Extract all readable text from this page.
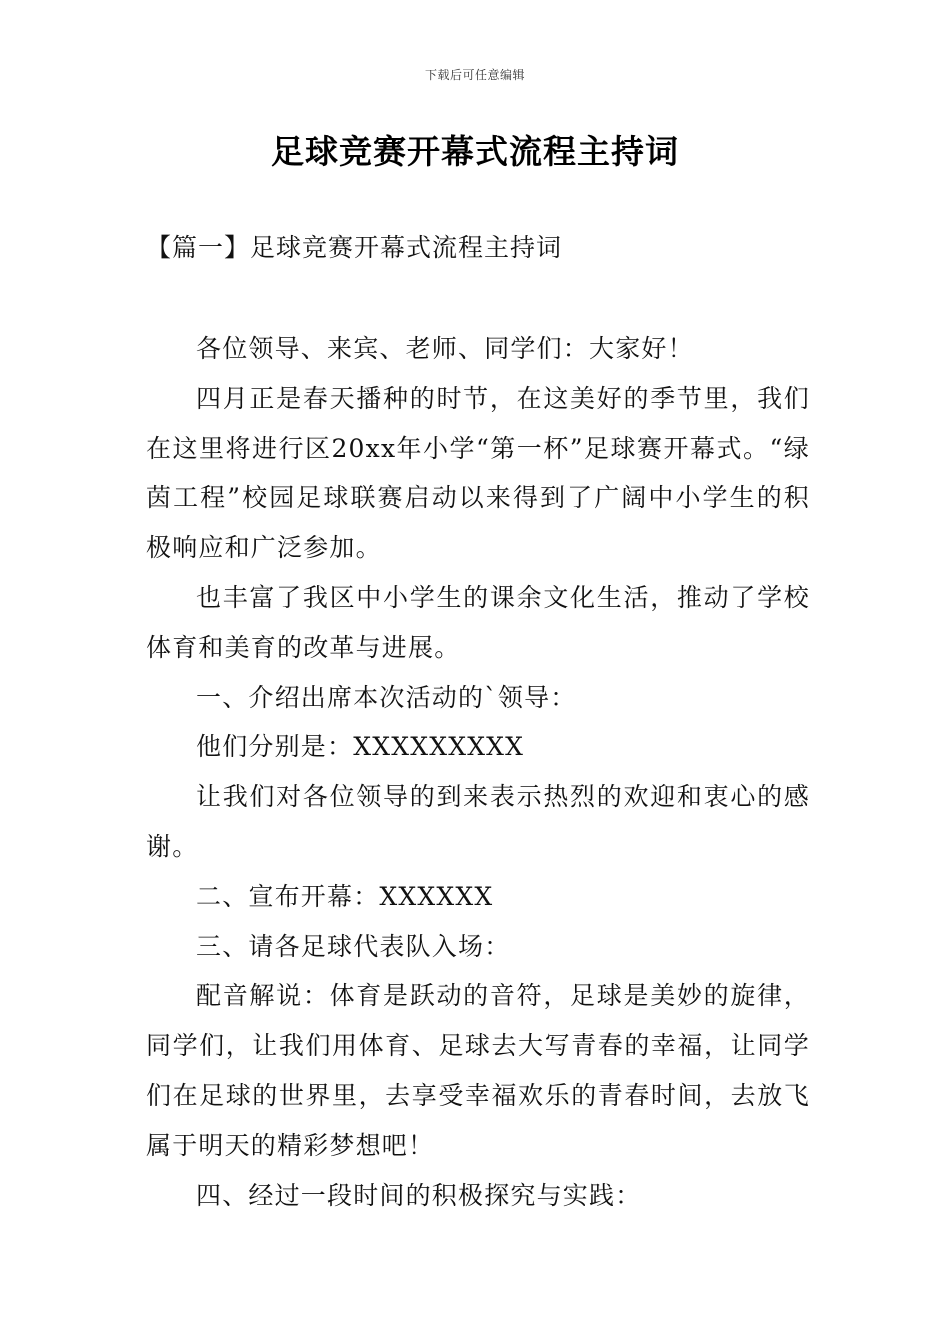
下载后可任意编辑
足球竞赛开幕式流程主持词
【篇一】足球竞赛开幕式流程主持词

各位领导、来宾、老师、同学们：大家好！

四月正是春天播种的时节，在这美好的季节里，我们在这里将进行区20xx年小学“第一杯”足球赛开幕式。“绿茵工程”校园足球联赛启动以来得到了广阔中小学生的积极响应和广泛参加。

也丰富了我区中小学生的课余文化生活，推动了学校体育和美育的改革与进展。

一、介绍出席本次活动的`领导：

他们分别是：XXXXXXXXX

让我们对各位领导的到来表示热烈的欢迎和衷心的感谢。

二、宣布开幕：XXXXXX

三、请各足球代表队入场：

配音解说：体育是跃动的音符，足球是美妙的旋律，同学们，让我们用体育、足球去大写青春的幸福，让同学们在足球的世界里，去享受幸福欢乐的青春时间，去放飞属于明天的精彩梦想吧！

四、经过一段时间的积极探究与实践：
